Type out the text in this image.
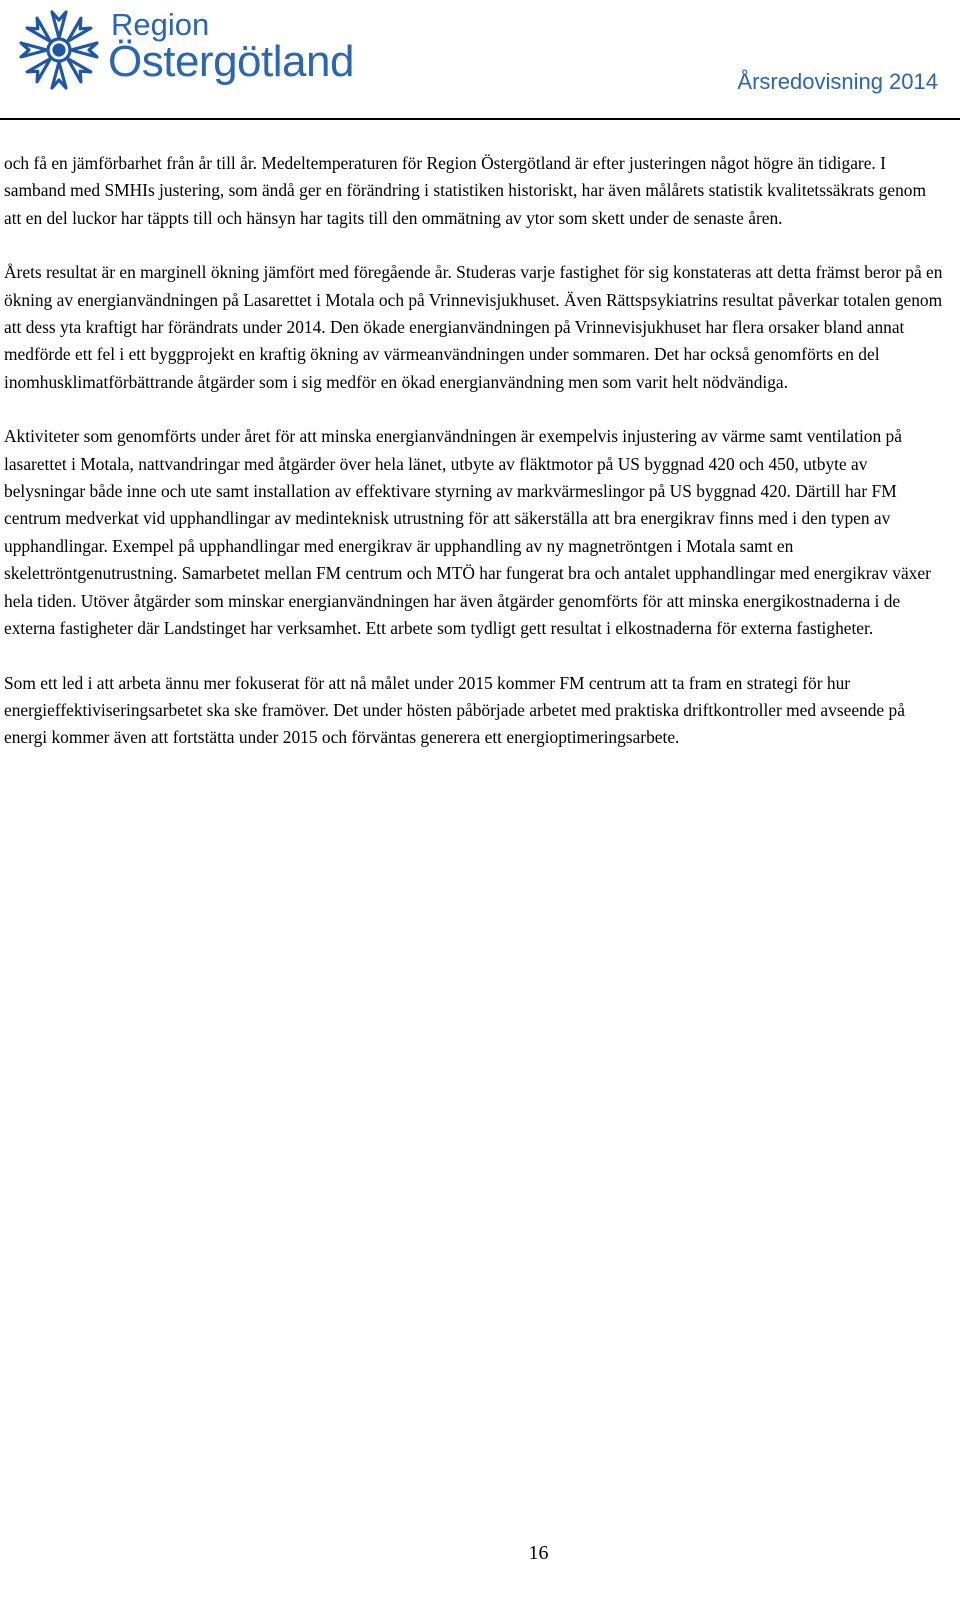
Region
Östergötland	Årsredovisning 2014

och få en jämförbarhet från år till år. Medeltemperaturen för Region Östergötland är efter justeringen något högre än tidigare. I samband med SMHIs justering, som ändå ger en förändring i statistiken historiskt, har även målårets statistik kvalitetssäkrats genom att en del luckor har täppts till och hänsyn har tagits till den ommätning av ytor som skett under de senaste åren.

Årets resultat är en marginell ökning jämfört med föregående år. Studeras varje fastighet för sig konstateras att detta främst beror på en ökning av energianvändningen på Lasarettet i Motala och på Vrinnevisjukhuset. Även Rättspsykiatrins resultat påverkar totalen genom att dess yta kraftigt har förändrats under 2014. Den ökade energianvändningen på Vrinnevisjukhuset har flera orsaker bland annat medförde ett fel i ett byggprojekt en kraftig ökning av värmeanvändningen under sommaren. Det har också genomförts en del inomhusklimatförbättrande åtgärder som i sig medför en ökad energianvändning men som varit helt nödvändiga.

Aktiviteter som genomförts under året för att minska energianvändningen är exempelvis injustering av värme samt ventilation på lasarettet i Motala, nattvandringar med åtgärder över hela länet, utbyte av fläktmotor på US byggnad 420 och 450, utbyte av belysningar både inne och ute samt installation av effektivare styrning av markvärmeslingor på US byggnad 420. Därtill har FM centrum medverkat vid upphandlingar av medinteknisk utrustning för att säkerställa att bra energikrav finns med i den typen av upphandlingar. Exempel på upphandlingar med energikrav är upphandling av ny magnetröntgen i Motala samt en skelettröntgenutrustning. Samarbetet mellan FM centrum och MTÖ har fungerat bra och antalet upphandlingar med energikrav växer hela tiden. Utöver åtgärder som minskar energianvändningen har även åtgärder genomförts för att minska energikostnaderna i de externa fastigheter där Landstinget har verksamhet. Ett arbete som tydligt gett resultat i elkostnaderna för externa fastigheter.

Som ett led i att arbeta ännu mer fokuserat för att nå målet under 2015 kommer FM centrum att ta fram en strategi för hur energieffektiviseringsarbetet ska ske framöver. Det under hösten påbörjade arbetet med praktiska driftkontroller med avseende på energi kommer även att fortstätta under 2015 och förväntas generera ett energioptimeringsarbete.

16
